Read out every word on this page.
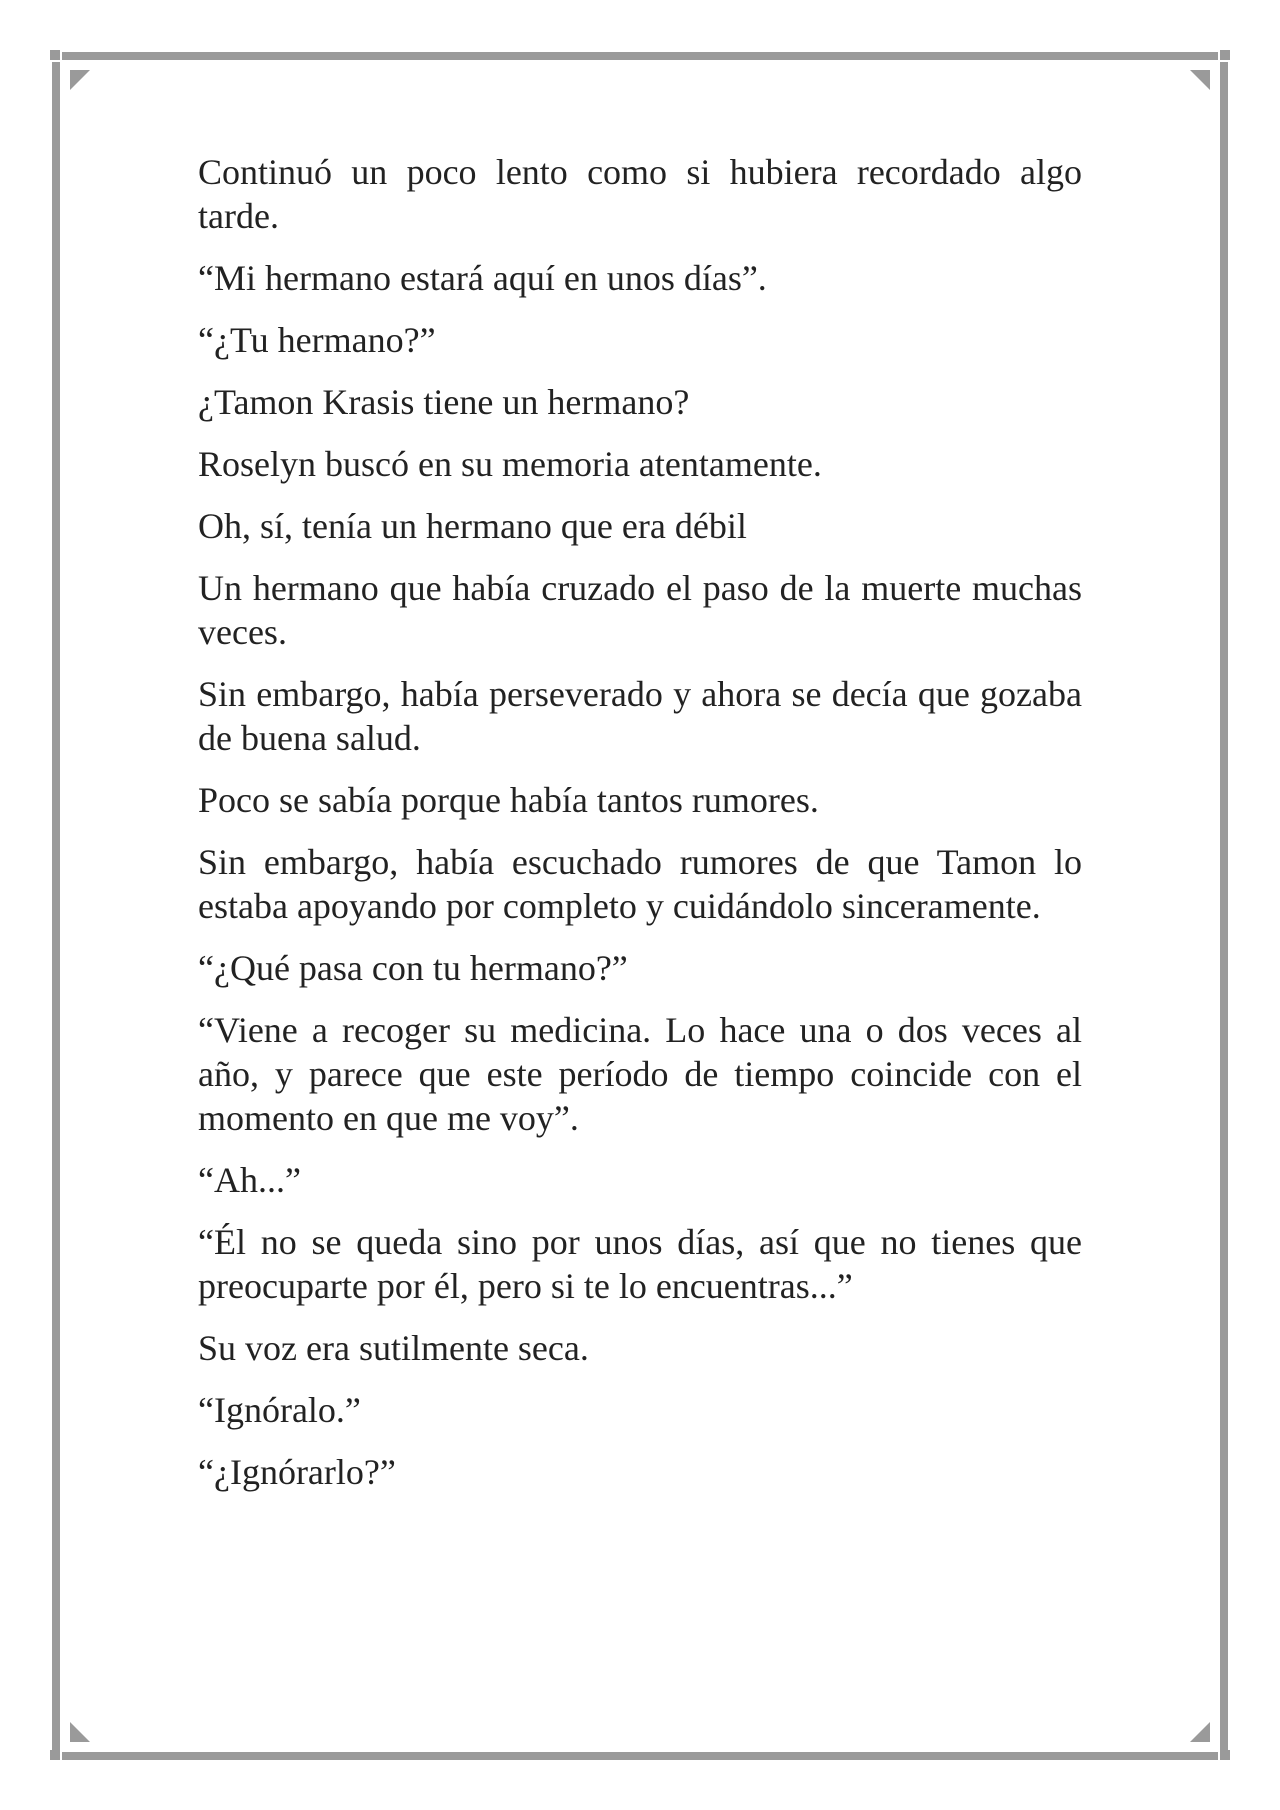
Continuó un poco lento como si hubiera recordado algo tarde.

“Mi hermano estará aquí en unos días”.

“¿Tu hermano?”

¿Tamon Krasis tiene un hermano?

Roselyn buscó en su memoria atentamente.

Oh, sí, tenía un hermano que era débil

Un hermano que había cruzado el paso de la muerte muchas veces.

Sin embargo, había perseverado y ahora se decía que gozaba de buena salud.

Poco se sabía porque había tantos rumores.

Sin embargo, había escuchado rumores de que Tamon lo estaba apoyando por completo y cuidándolo sinceramente.

“¿Qué pasa con tu hermano?”

“Viene a recoger su medicina. Lo hace una o dos veces al año, y parece que este período de tiempo coincide con el momento en que me voy”.

“Ah...”

“Él no se queda sino por unos días, así que no tienes que preocuparte por él, pero si te lo encuentras...”

Su voz era sutilmente seca.

“Ignóralo.”

“¿Ignórarlo?”
